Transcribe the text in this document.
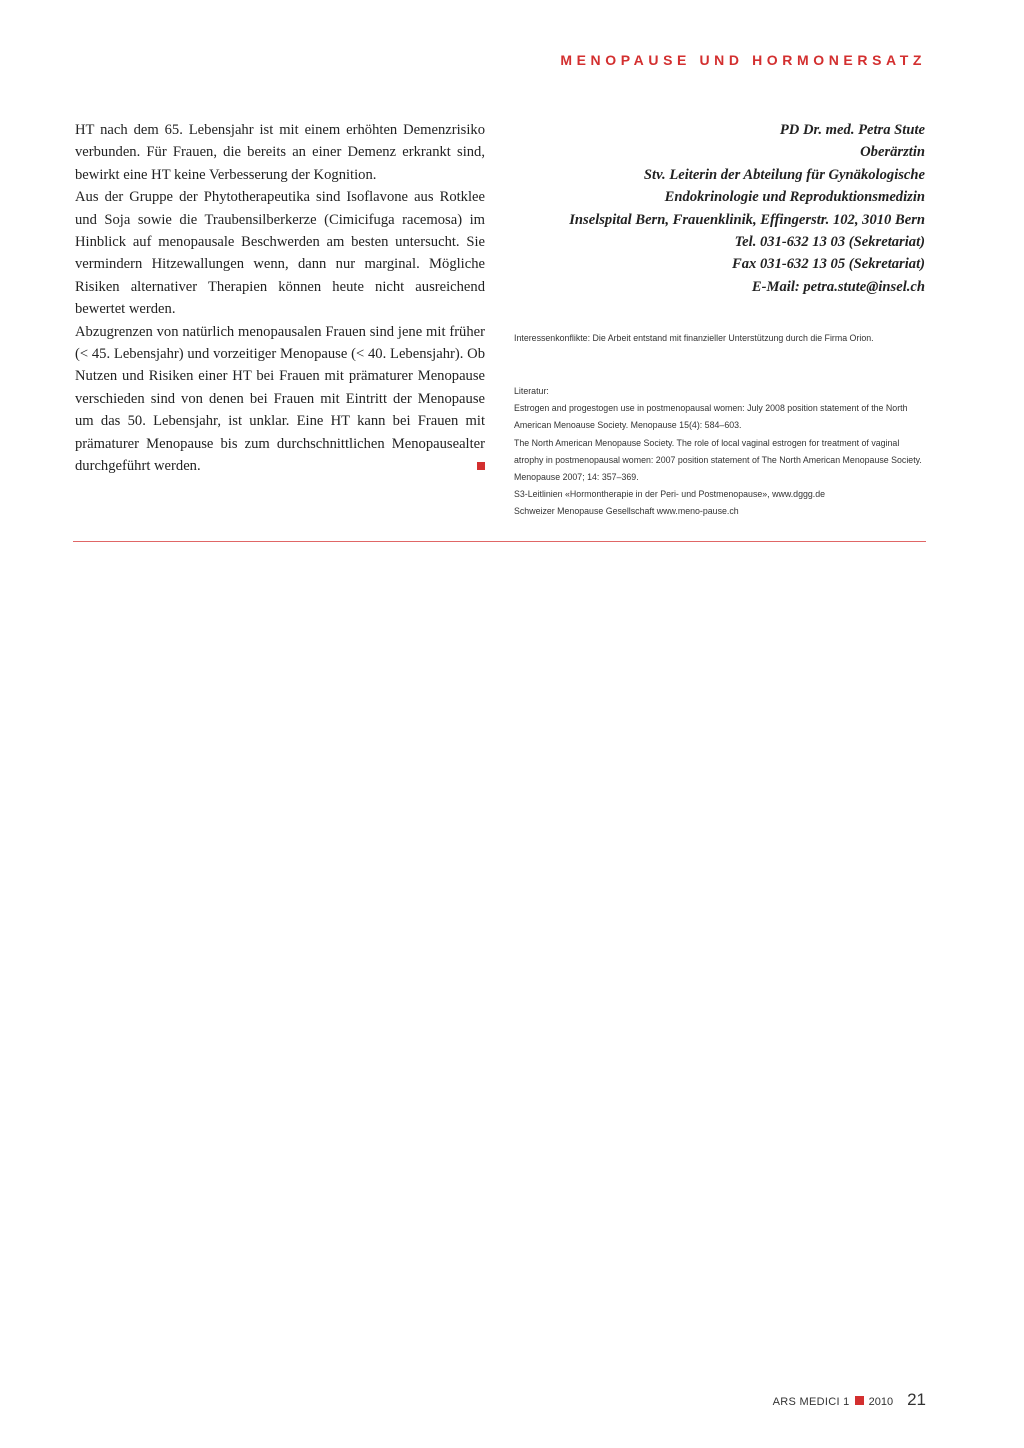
MENOPAUSE UND HORMONERSATZ

HT nach dem 65. Lebensjahr ist mit einem erhöhten Demenzrisiko verbunden. Für Frauen, die bereits an einer Demenz erkrankt sind, bewirkt eine HT keine Verbesserung der Kognition.

Aus der Gruppe der Phytotherapeutika sind Isoflavone aus Rotklee und Soja sowie die Traubensilberkerze (Cimicifuga racemosa) im Hinblick auf menopausale Beschwerden am besten untersucht. Sie vermindern Hitzewallungen wenn, dann nur marginal. Mögliche Risiken alternativer Therapien können heute nicht ausreichend bewertet werden.

Abzugrenzen von natürlich menopausalen Frauen sind jene mit früher (< 45. Lebensjahr) und vorzeitiger Menopause (< 40. Lebensjahr). Ob Nutzen und Risiken einer HT bei Frauen mit prämaturer Menopause verschieden sind von denen bei Frauen mit Eintritt der Menopause um das 50. Lebensjahr, ist unklar. Eine HT kann bei Frauen mit prämaturer Menopause bis zum durchschnittlichen Menopausealter durchgeführt werden.

PD Dr. med. Petra Stute
Oberärztin
Stv. Leiterin der Abteilung für Gynäkologische
Endokrinologie und Reproduktionsmedizin
Inselspital Bern, Frauenklinik, Effingerstr. 102, 3010 Bern
Tel. 031-632 13 03 (Sekretariat)
Fax 031-632 13 05 (Sekretariat)
E-Mail: petra.stute@insel.ch
Interessenkonflikte: Die Arbeit entstand mit finanzieller Unterstützung durch die Firma Orion.
Literatur:
Estrogen and progestogen use in postmenopausal women: July 2008 position statement of the North American Menoause Society. Menopause 15(4): 584–603.
The North American Menopause Society. The role of local vaginal estrogen for treatment of vaginal atrophy in postmenopausal women: 2007 position statement of The North American Menopause Society. Menopause 2007; 14: 357–369.
S3-Leitlinien «Hormontherapie in der Peri- und Postmenopause», www.dggg.de
Schweizer Menopause Gesellschaft www.meno-pause.ch
ARS MEDICI 1 2010 21
